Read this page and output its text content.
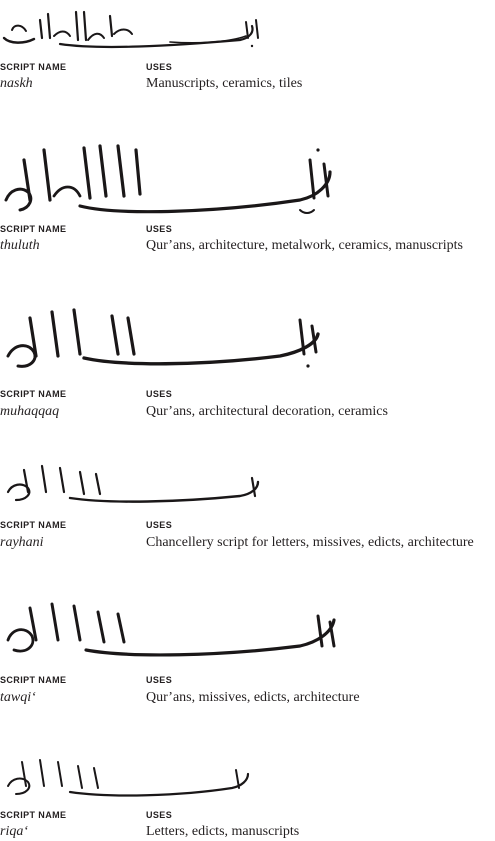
SCRIPT NAME	USES
naskh	Manuscripts, ceramics, tiles
SCRIPT NAME	USES
thuluth	Qur’ans, architecture, metalwork, ceramics, manuscripts
SCRIPT NAME	USES
muhaqqaq	Qur’ans, architectural decoration, ceramics
SCRIPT NAME	USES
rayhani	Chancellery script for letters, missives, edicts, architecture
SCRIPT NAME	USES
tawqi‘	Qur’ans, missives, edicts, architecture
SCRIPT NAME	USES
riqa‘	Letters, edicts, manuscripts
